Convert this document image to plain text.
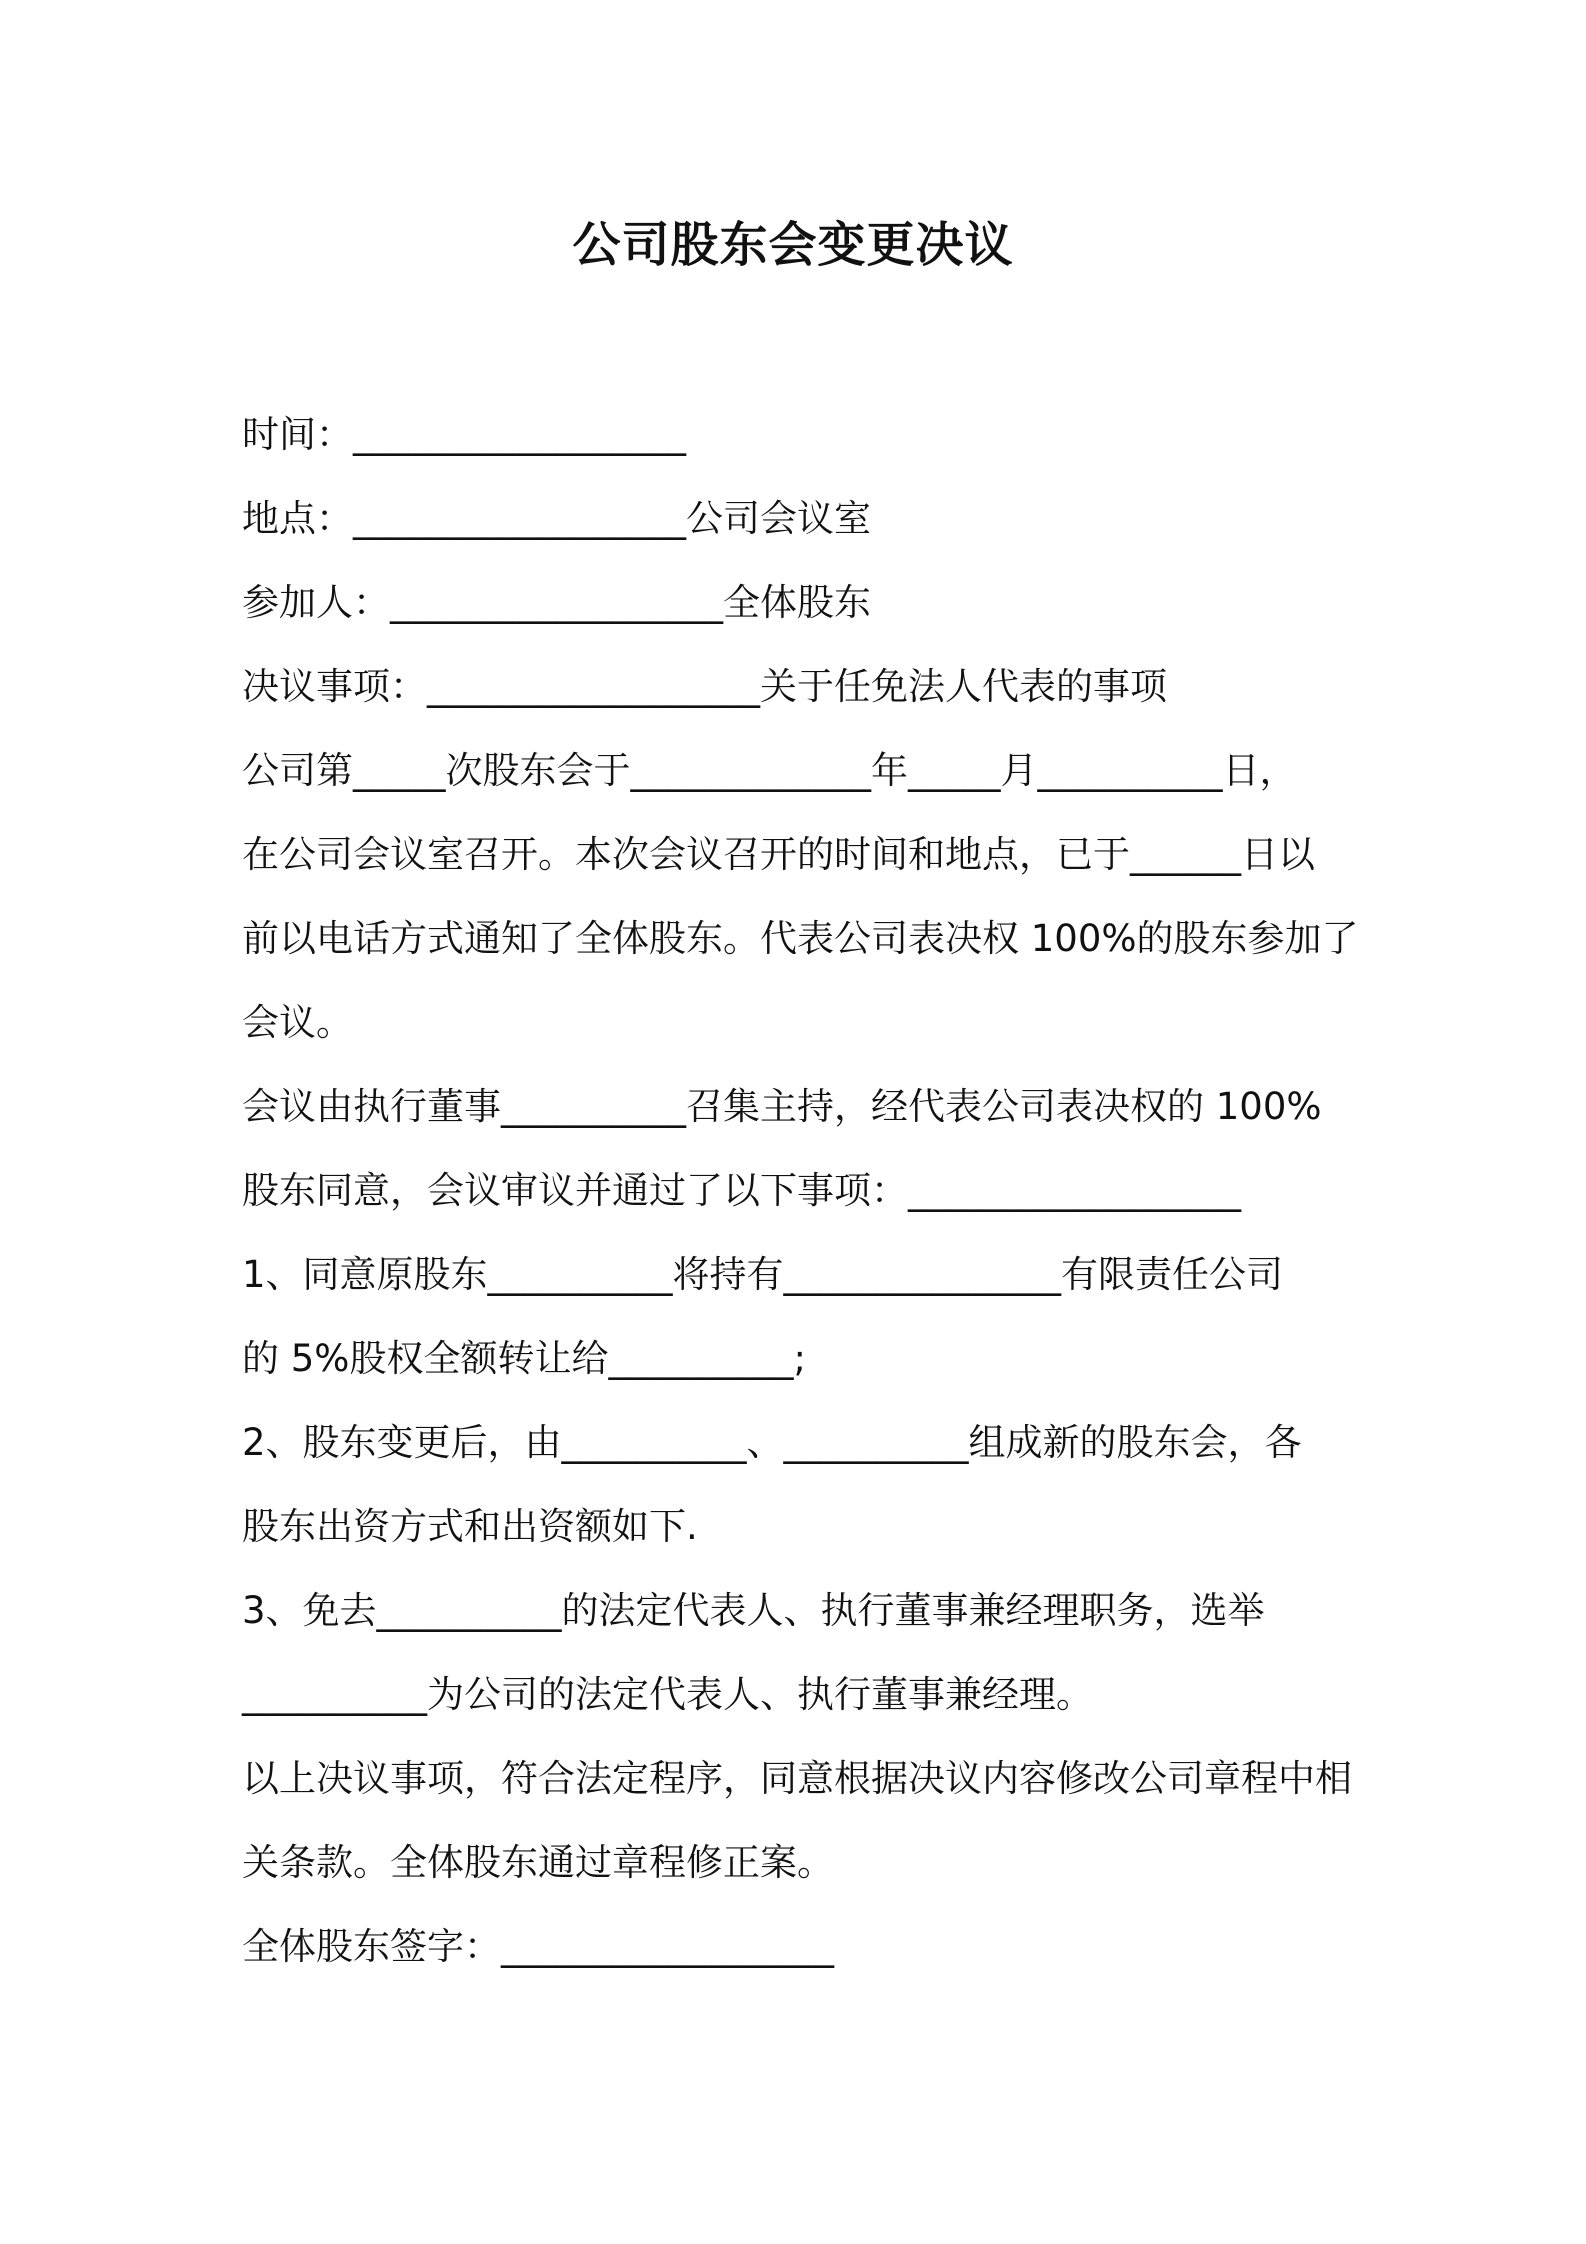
公司股东会变更决议
时间：__________________
地点：__________________公司会议室
参加人：__________________全体股东
决议事项：__________________关于任免法人代表的事项
公司第_____次股东会于_____________年_____月__________日，
在公司会议室召开。本次会议召开的时间和地点，已于______日以
前以电话方式通知了全体股东。代表公司表决权 100%的股东参加了
会议。
会议由执行董事__________召集主持，经代表公司表决权的 100%
股东同意，会议审议并通过了以下事项：__________________
1、同意原股东__________将持有_______________有限责任公司
的 5%股权全额转让给__________;
2、股东变更后，由__________、__________组成新的股东会，各
股东出资方式和出资额如下.
3、免去__________的法定代表人、执行董事兼经理职务，选举
__________为公司的法定代表人、执行董事兼经理。
以上决议事项，符合法定程序，同意根据决议内容修改公司章程中相
关条款。全体股东通过章程修正案。
全体股东签字：__________________
